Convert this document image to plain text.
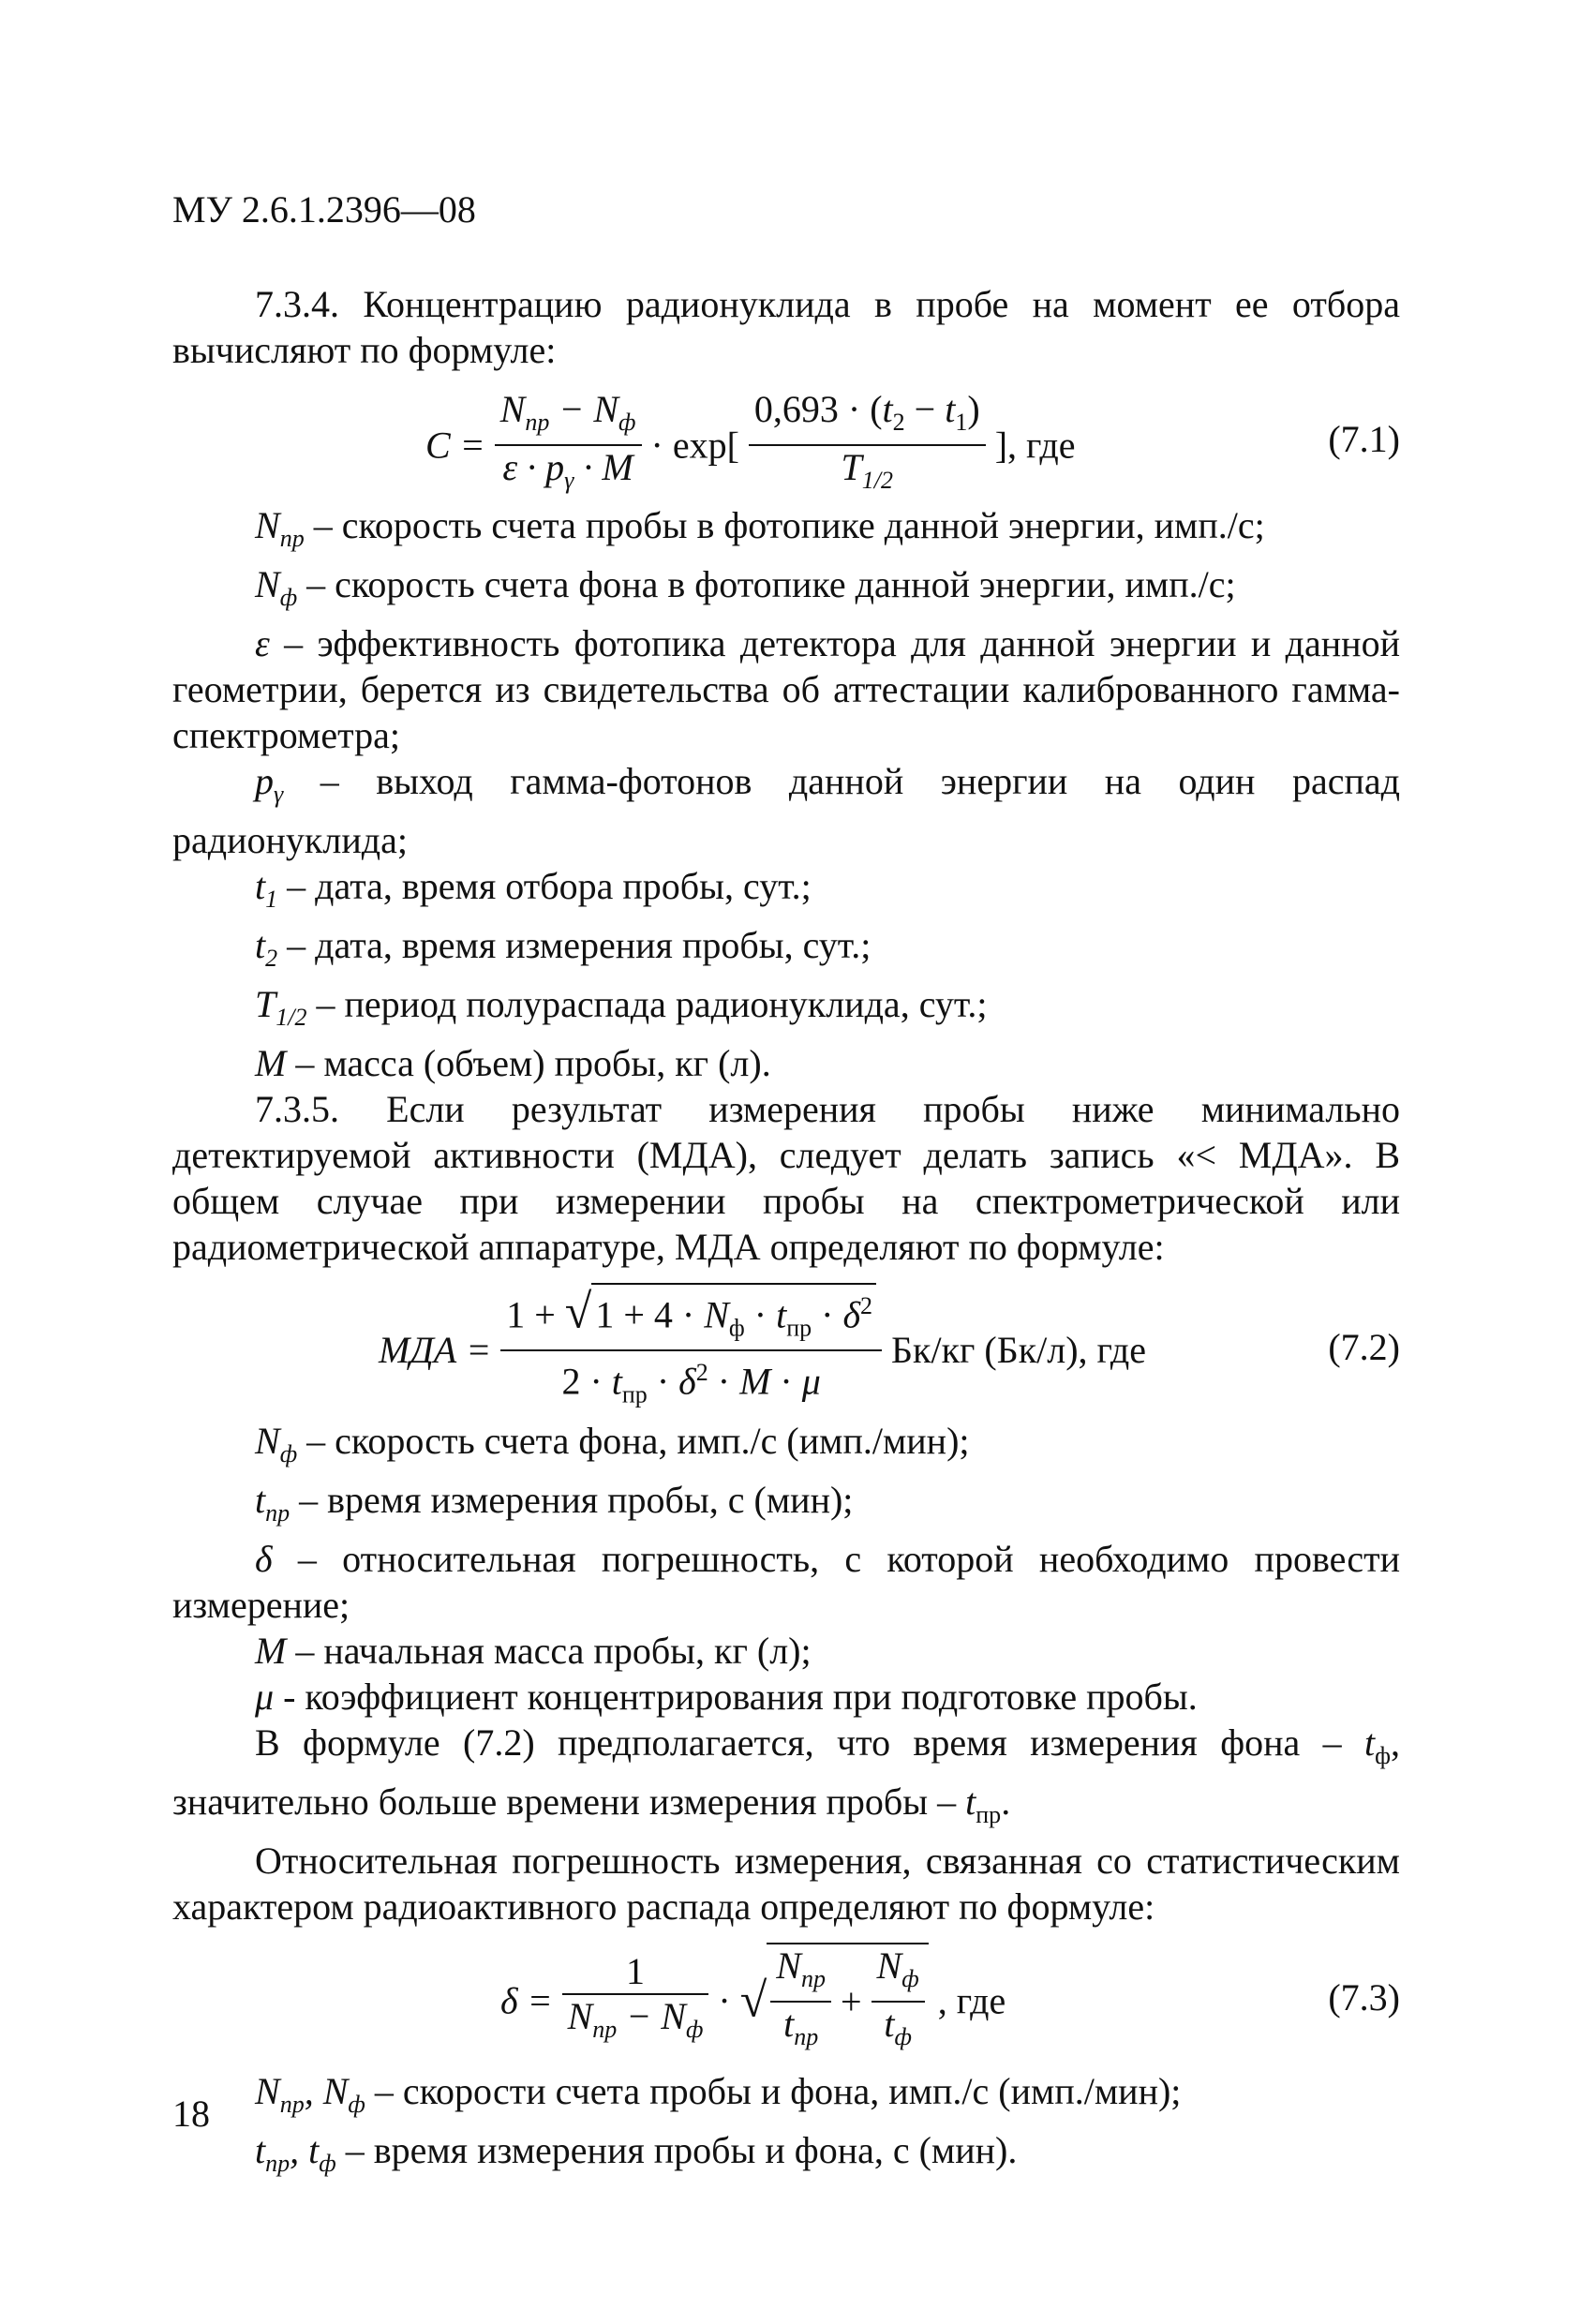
МУ 2.6.1.2396—08

7.3.4. Концентрацию радионуклида в пробе на момент ее отбора вычисляют по формуле:

$C = \frac{N_{пр} - N_ф}{\varepsilon \cdot p_\gamma \cdot M} \cdot \exp[ \frac{0,693 \cdot (t_2 - t_1)}{T_{1/2}}$ ], где	(7.1)

$N_{пр}$ – скорость счета пробы в фотопике данной энергии, имп./с;

$N_ф$ – скорость счета фона в фотопике данной энергии, имп./с;

ε – эффективность фотопика детектора для данной энергии и данной геометрии, берется из свидетельства об аттестации калиброванного гамма-спектрометра;

$p_\gamma$ – выход гамма-фотонов данной энергии на один распад радионуклида;

$t_1$ – дата, время отбора пробы, сут.;

$t_2$ – дата, время измерения пробы, сут.;

$T_{1/2}$ – период полураспада радионуклида, сут.;

M – масса (объем) пробы, кг (л).

7.3.5. Если результат измерения пробы ниже минимально детектируемой активности (МДА), следует делать запись «< МДА». В общем случае при измерении пробы на спектрометрической или радиометрической аппаратуре, МДА определяют по формуле:

МДА = $\frac{1 + √ 1 + 4 \cdot N_ф \cdot t_{пр} \cdot \delta^2}{2 \cdot t_{пр} \cdot \delta^2 \cdot M \cdot \mu} Бк/кг$ (Бк/л), где	(7.2)

$N_ф$ – скорость счета фона, имп./с (имп./мин);

$t_{пр}$ – время измерения пробы, с (мин);

δ – относительная погрешность, с которой необходимо провести измерение;

M – начальная масса пробы, кг (л);

μ - коэффициент концентрирования при подготовке пробы.

В формуле (7.2) предполагается, что время измерения фона – $t_ф$, значительно больше времени измерения пробы – $t_{пр}$.

Относительная погрешность измерения, связанная со статистическим характером радиоактивного распада определяют по формуле:

$\delta = \frac{1}{N_{пр} - N_ф}$ · √ $\frac{N_{пр}}{t_{пр}} + \frac{N_ф}{t_ф}$ , где	(7.3)

$N_{пр}$, $N_ф$ – скорости счета пробы и фона, имп./с (имп./мин);

$t_{пр}$, $t_ф$ – время измерения пробы и фона, с (мин).

18
